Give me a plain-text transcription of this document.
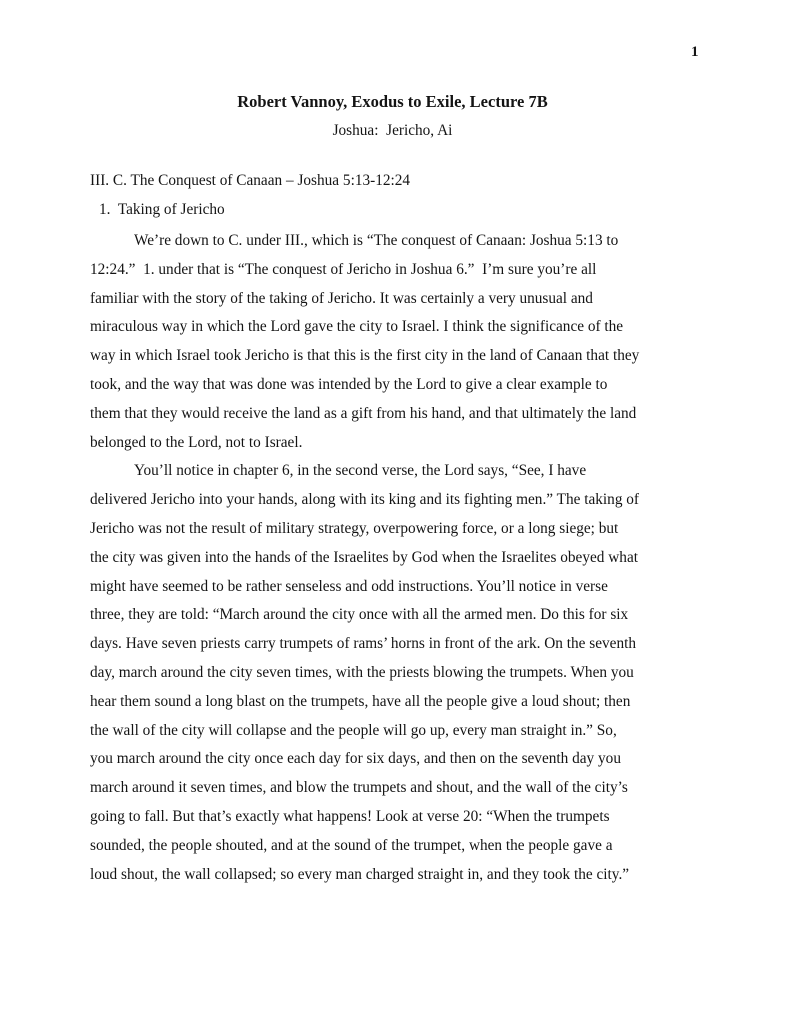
1
Robert Vannoy, Exodus to Exile, Lecture 7B
Joshua:  Jericho, Ai
III. C. The Conquest of Canaan – Joshua 5:13-12:24
1.  Taking of Jericho
We’re down to C. under III., which is “The conquest of Canaan: Joshua 5:13 to
12:24.”  1. under that is “The conquest of Jericho in Joshua 6.”  I’m sure you’re all
familiar with the story of the taking of Jericho. It was certainly a very unusual and
miraculous way in which the Lord gave the city to Israel. I think the significance of the
way in which Israel took Jericho is that this is the first city in the land of Canaan that they
took, and the way that was done was intended by the Lord to give a clear example to
them that they would receive the land as a gift from his hand, and that ultimately the land
belonged to the Lord, not to Israel.
You’ll notice in chapter 6, in the second verse, the Lord says, “See, I have
delivered Jericho into your hands, along with its king and its fighting men.” The taking of
Jericho was not the result of military strategy, overpowering force, or a long siege; but
the city was given into the hands of the Israelites by God when the Israelites obeyed what
might have seemed to be rather senseless and odd instructions. You’ll notice in verse
three, they are told: “March around the city once with all the armed men. Do this for six
days. Have seven priests carry trumpets of rams’ horns in front of the ark. On the seventh
day, march around the city seven times, with the priests blowing the trumpets. When you
hear them sound a long blast on the trumpets, have all the people give a loud shout; then
the wall of the city will collapse and the people will go up, every man straight in.” So,
you march around the city once each day for six days, and then on the seventh day you
march around it seven times, and blow the trumpets and shout, and the wall of the city’s
going to fall. But that’s exactly what happens! Look at verse 20: “When the trumpets
sounded, the people shouted, and at the sound of the trumpet, when the people gave a
loud shout, the wall collapsed; so every man charged straight in, and they took the city.”
